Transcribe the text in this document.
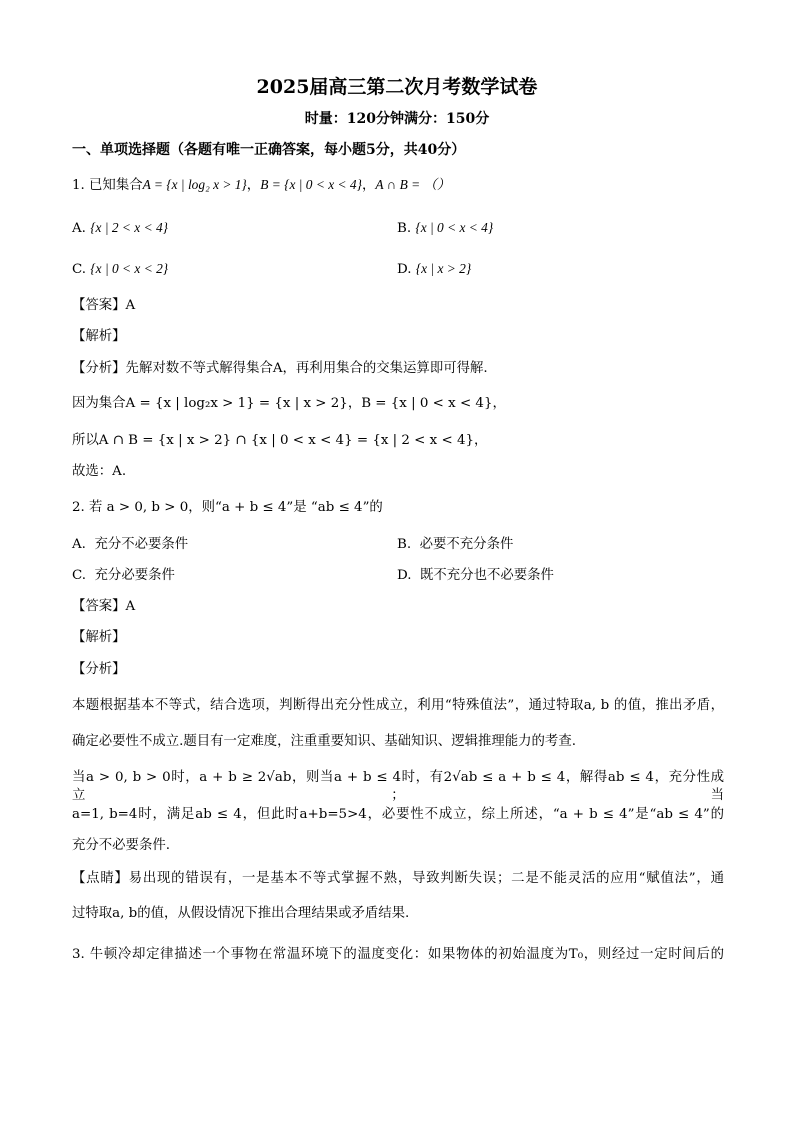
2025届高三第二次月考数学试卷
时量：120分钟满分：150分
一、单项选择题（各题有唯一正确答案，每小题5分，共40分）
1. 已知集合A = {x | log₂ x > 1}，B = {x | 0 < x < 4}，A ∩ B = （）
A. {x | 2 < x < 4}	B. {x | 0 < x < 4}
C. {x | 0 < x < 2}	D. {x | x > 2}
【答案】A
【解析】
【分析】先解对数不等式解得集合A，再利用集合的交集运算即可得解.
因为集合A = {x | log₂x > 1} = {x | x > 2}，B = {x | 0 < x < 4}，
所以A ∩ B = {x | x > 2} ∩ {x | 0 < x < 4} = {x | 2 < x < 4}，
故选：A.
2. 若 a > 0, b > 0，则“a + b ≤ 4”是 “ab ≤ 4”的
A. 充分不必要条件	B. 必要不充分条件
C. 充分必要条件	D. 既不充分也不必要条件
【答案】A
【解析】
【分析】
本题根据基本不等式，结合选项，判断得出充分性成立，利用“特殊值法”，通过特取a, b 的值，推出矛盾，
确定必要性不成立.题目有一定难度，注重重要知识、基础知识、逻辑推理能力的考查.
当a > 0, b > 0时，a + b ≥ 2√ab，则当a + b ≤ 4时，有2√ab ≤ a + b ≤ 4，解得ab ≤ 4，充分性成立；当
a=1, b=4时，满足ab ≤ 4，但此时a+b=5>4，必要性不成立，综上所述，“a + b ≤ 4”是“ab ≤ 4”的
充分不必要条件.
【点睛】易出现的错误有，一是基本不等式掌握不熟，导致判断失误；二是不能灵活的应用“赋值法”，通
过特取a, b的值，从假设情况下推出合理结果或矛盾结果.
3. 牛顿冷却定律描述一个事物在常温环境下的温度变化：如果物体的初始温度为T₀，则经过一定时间后的
